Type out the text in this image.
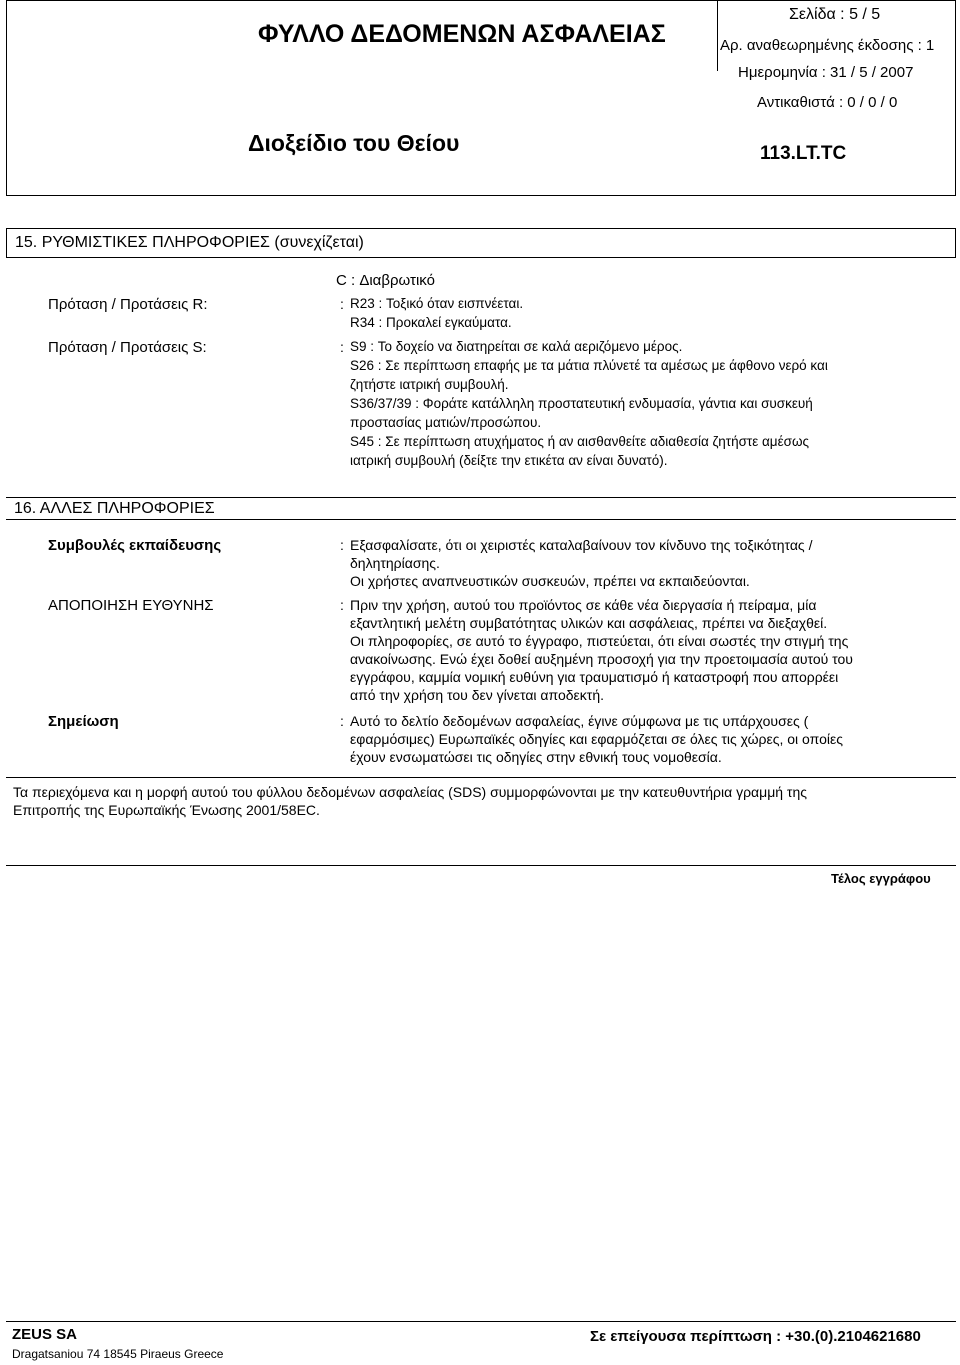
ΦΥΛΛΟ ΔΕΔΟΜΕΝΩΝ ΑΣΦΑΛΕΙΑΣ
Σελίδα : 5 / 5
Αρ. αναθεωρημένης έκδοσης : 1
Ημερομηνία : 31 / 5 / 2007
Αντικαθιστά : 0 / 0 / 0
Διοξείδιο του Θείου	113.LT.TC
15. ΡΥΘΜΙΣΤΙΚΕΣ ΠΛΗΡΟΦΟΡΙΕΣ (συνεχίζεται)
C : Διαβρωτικό
Πρόταση / Προτάσεις R:	: R23 : Τοξικό όταν εισπνέεται.
R34 : Προκαλεί εγκαύματα.
Πρόταση / Προτάσεις S:	: S9 : Το δοχείο να διατηρείται σε καλά αεριζόμενο μέρος.
S26 : Σε περίπτωση επαφής με τα μάτια πλύνετέ τα αμέσως με άφθονο νερό και
ζητήστε ιατρική συμβουλή.
S36/37/39 : Φοράτε κατάλληλη προστατευτική ενδυμασία, γάντια και συσκευή
προστασίας ματιών/προσώπου.
S45 : Σε περίπτωση ατυχήματος ή αν αισθανθείτε αδιαθεσία ζητήστε αμέσως
ιατρική συμβουλή (δείξτε την ετικέτα αν είναι δυνατό).
16. ΑΛΛΕΣ ΠΛΗΡΟΦΟΡΙΕΣ
Συμβουλές εκπαίδευσης	: Εξασφαλίσατε, ότι οι χειριστές καταλαβαίνουν τον κίνδυνο της τοξικότητας /
δηλητηρίασης.
Οι χρήστες αναπνευστικών συσκευών, πρέπει να εκπαιδεύονται.
ΑΠΟΠΟΙΗΣΗ ΕΥΘΥΝΗΣ	: Πριν την χρήση, αυτού του προϊόντος σε κάθε νέα διεργασία ή πείραμα, μία
εξαντλητική μελέτη συμβατότητας υλικών και ασφάλειας, πρέπει να διεξαχθεί.
Οι πληροφορίες, σε αυτό το έγγραφο, πιστεύεται, ότι είναι σωστές την στιγμή της
ανακοίνωσης. Ενώ έχει δοθεί αυξημένη προσοχή για την προετοιμασία αυτού του
εγγράφου, καμμία νομική ευθύνη για τραυματισμό ή καταστροφή που απορρέει
από την χρήση του δεν γίνεται αποδεκτή.
Σημείωση	: Αυτό το δελτίο δεδομένων ασφαλείας, έγινε σύμφωνα με τις υπάρχουσες (
εφαρμόσιμες) Ευρωπαϊκές οδηγίες και εφαρμόζεται σε όλες τις χώρες, οι οποίες
έχουν ενσωματώσει τις οδηγίες στην εθνική τους νομοθεσία.
Τα περιεχόμενα και η μορφή αυτού του φύλλου δεδομένων ασφαλείας (SDS) συμμορφώνονται με την κατευθυντήρια γραμμή της
Επιτροπής της Ευρωπαϊκής Ένωσης 2001/58EC.
Τέλος εγγράφου
ZEUS SA
Dragatsaniou 74 18545 Piraeus Greece
Σε επείγουσα περίπτωση : +30.(0).2104621680
